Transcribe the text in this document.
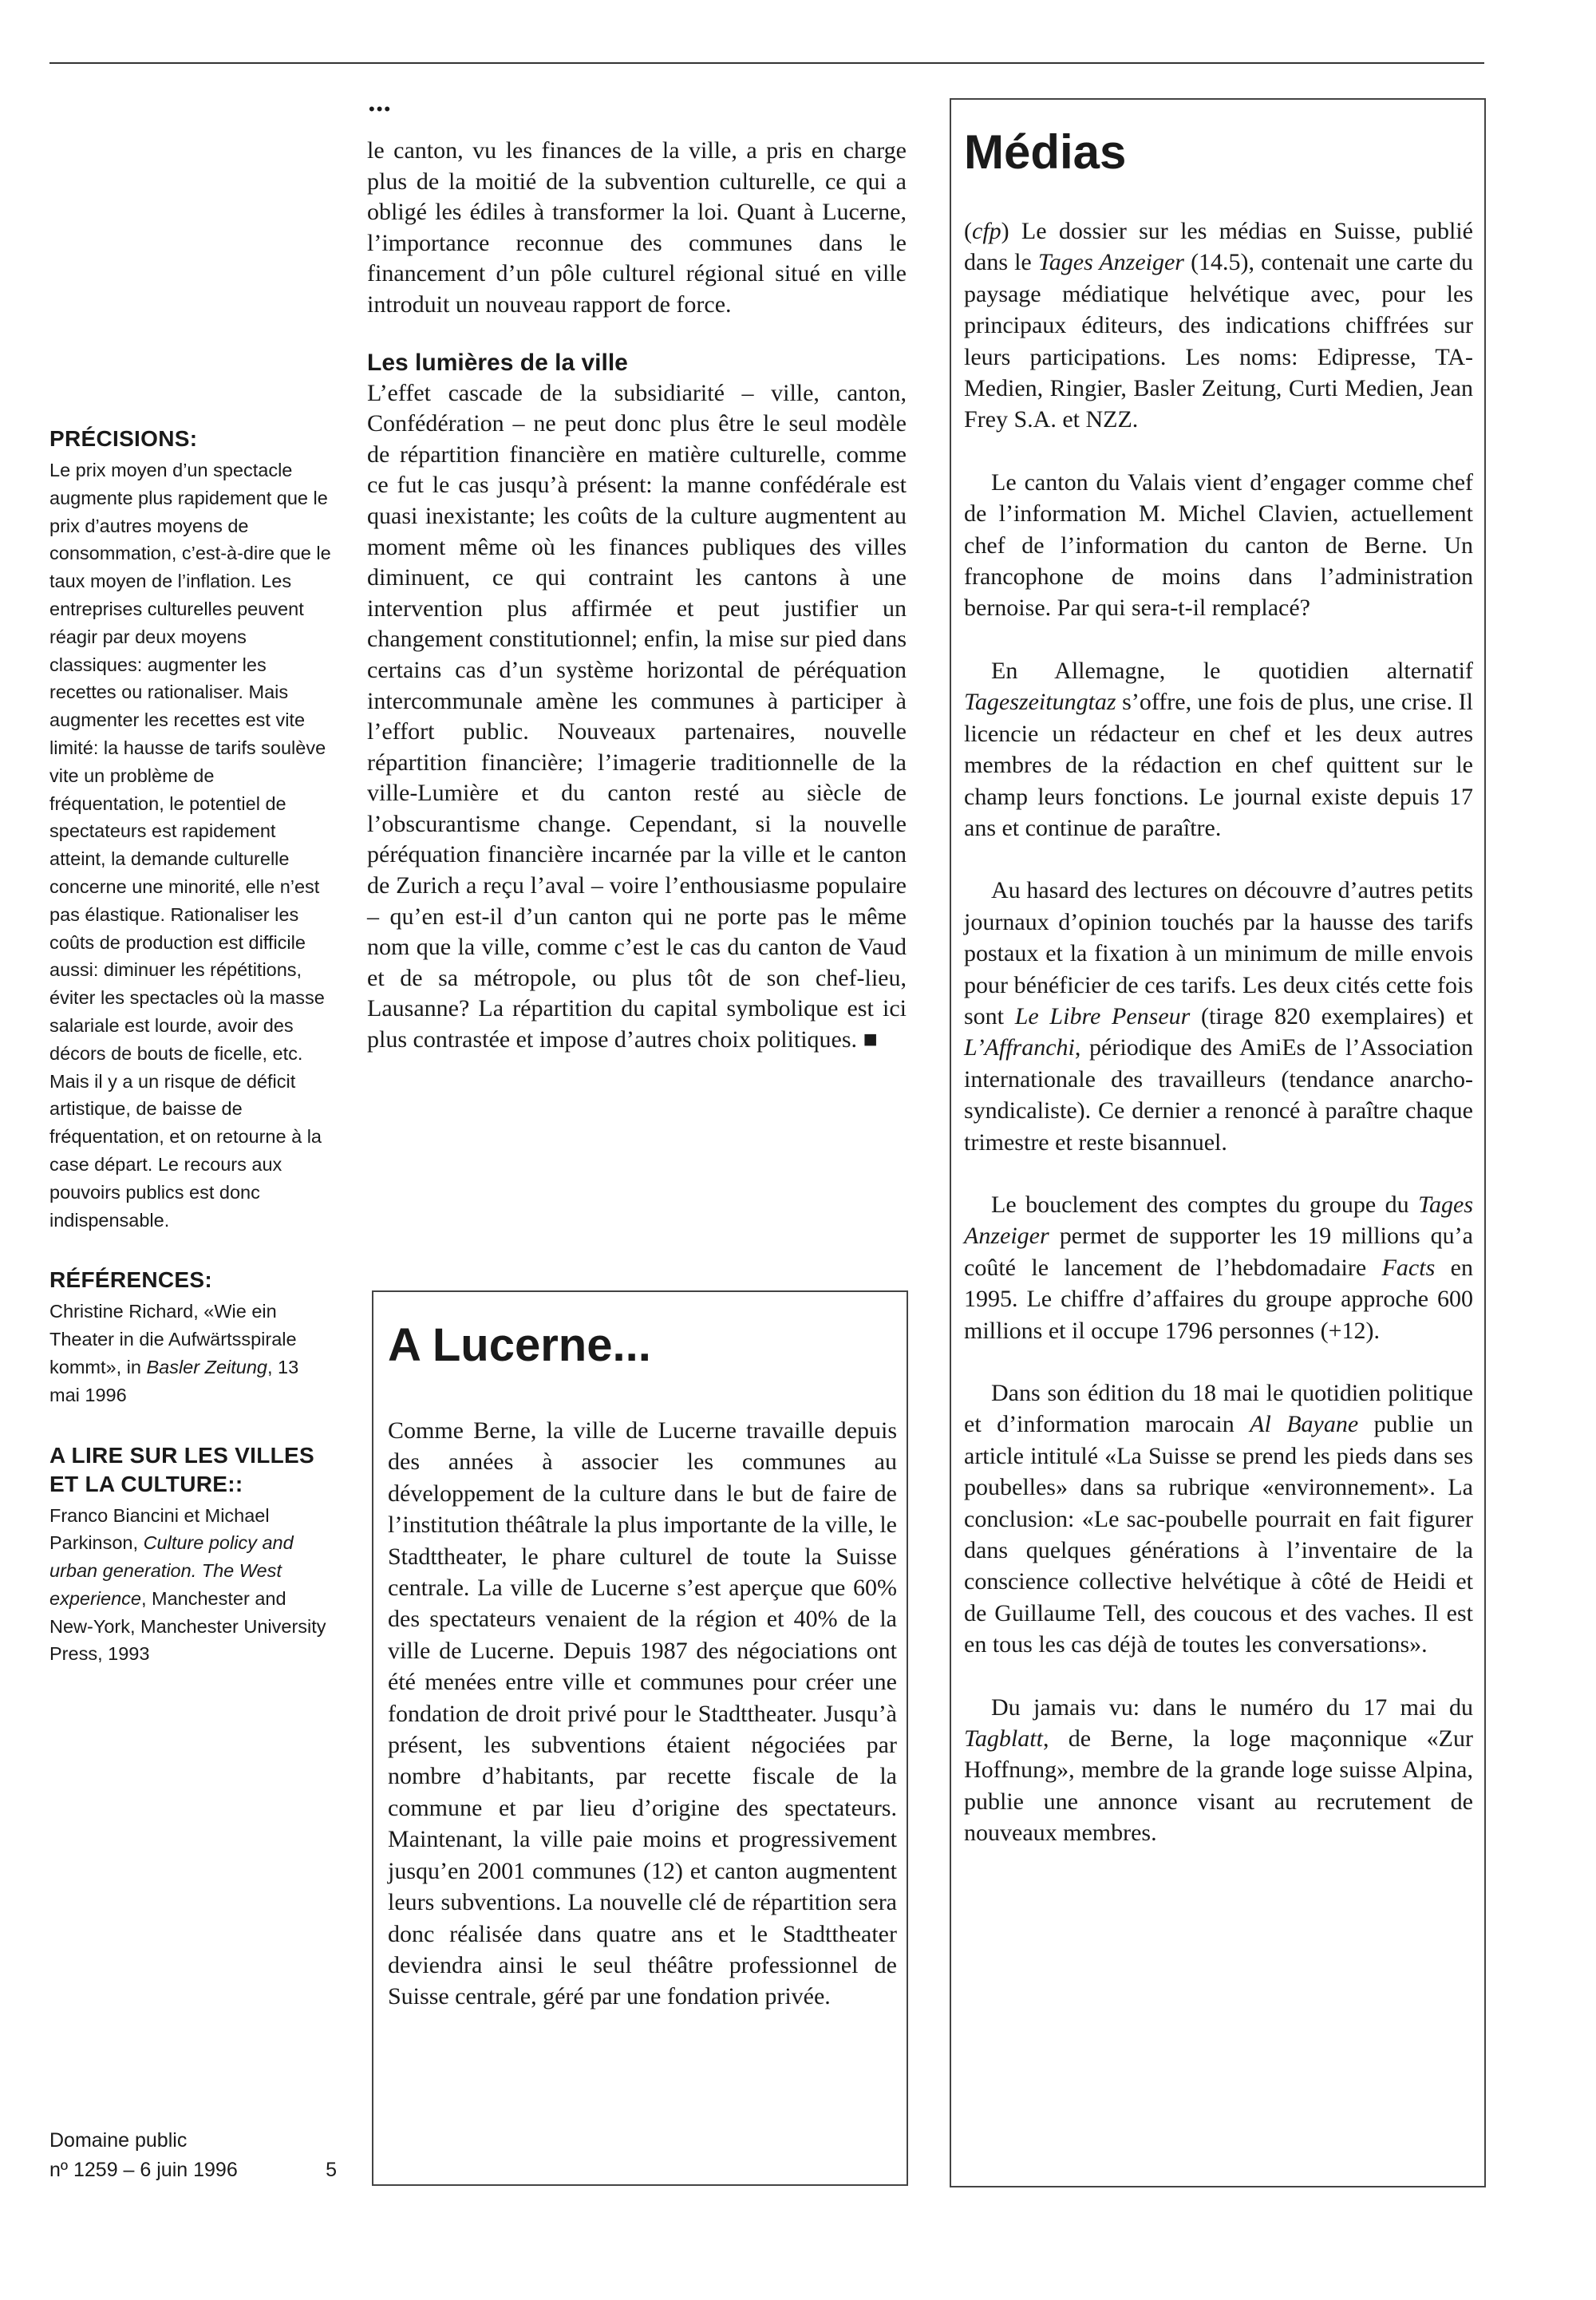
PRÉCISIONS:

Le prix moyen d’un spectacle augmente plus rapidement que le prix d’autres moyens de consommation, c’est-à-dire que le taux moyen de l’inflation. Les entreprises culturelles peuvent réagir par deux moyens classiques: augmenter les recettes ou rationaliser. Mais augmenter les recettes est vite limité: la hausse de tarifs soulève vite un problème de fréquentation, le potentiel de spectateurs est rapidement atteint, la demande culturelle concerne une minorité, elle n’est pas élastique. Rationaliser les coûts de production est difficile aussi: diminuer les répétitions, éviter les spectacles où la masse salariale est lourde, avoir des décors de bouts de ficelle, etc. Mais il y a un risque de déficit artistique, de baisse de fréquentation, et on retourne à la case départ. Le recours aux pouvoirs publics est donc indispensable.

RÉFÉRENCES:

Christine Richard, «Wie ein Theater in die Aufwärtsspirale kommt», in Basler Zeitung, 13 mai 1996

A LIRE SUR LES VILLES ET LA CULTURE::

Franco Biancini et Michael Parkinson, Culture policy and urban generation. The West experience, Manchester and New-York, Manchester University Press, 1993

Domaine public
nº 1259 – 6 juin 1996	5
•••

le canton, vu les finances de la ville, a pris en charge plus de la moitié de la subvention culturelle, ce qui a obligé les édiles à transformer la loi. Quant à Lucerne, l’importance reconnue des communes dans le financement d’un pôle culturel régional situé en ville introduit un nouveau rapport de force.

Les lumières de la ville

L’effet cascade de la subsidiarité – ville, canton, Confédération – ne peut donc plus être le seul modèle de répartition financière en matière culturelle, comme ce fut le cas jusqu’à présent: la manne confédérale est quasi inexistante; les coûts de la culture augmentent au moment même où les finances publiques des villes diminuent, ce qui contraint les cantons à une intervention plus affirmée et peut justifier un changement constitutionnel; enfin, la mise sur pied dans certains cas d’un système horizontal de péréquation intercommunale amène les communes à participer à l’effort public. Nouveaux partenaires, nouvelle répartition financière; l’imagerie traditionnelle de la ville-Lumière et du canton resté au siècle de l’obscurantisme change. Cependant, si la nouvelle péréquation financière incarnée par la ville et le canton de Zurich a reçu l’aval – voire l’enthousiasme populaire – qu’en est-il d’un canton qui ne porte pas le même nom que la ville, comme c’est le cas du canton de Vaud et de sa métropole, ou plus tôt de son chef-lieu, Lausanne? La répartition du capital symbolique est ici plus contrastée et impose d’autres choix politiques. ■

A Lucerne...

Comme Berne, la ville de Lucerne travaille depuis des années à associer les communes au développement de la culture dans le but de faire de l’institution théâtrale la plus importante de la ville, le Stadttheater, le phare culturel de toute la Suisse centrale. La ville de Lucerne s’est aperçue que 60% des spectateurs venaient de la région et 40% de la ville de Lucerne. Depuis 1987 des négociations ont été menées entre ville et communes pour créer une fondation de droit privé pour le Stadttheater. Jusqu’à présent, les subventions étaient négociées par nombre d’habitants, par recette fiscale de la commune et par lieu d’origine des spectateurs. Maintenant, la ville paie moins et progressivement jusqu’en 2001 communes (12) et canton augmentent leurs subventions. La nouvelle clé de répartition sera donc réalisée dans quatre ans et le Stadttheater deviendra ainsi le seul théâtre professionnel de Suisse centrale, géré par une fondation privée.

Médias

(cfp) Le dossier sur les médias en Suisse, publié dans le Tages Anzeiger (14.5), contenait une carte du paysage médiatique helvétique avec, pour les principaux éditeurs, des indications chiffrées sur leurs participations. Les noms: Edipresse, TA-Medien, Ringier, Basler Zeitung, Curti Medien, Jean Frey S.A. et NZZ.

Le canton du Valais vient d’engager comme chef de l’information M. Michel Clavien, actuellement chef de l’information du canton de Berne. Un francophone de moins dans l’administration bernoise. Par qui sera-t-il remplacé?

En Allemagne, le quotidien alternatif Tageszeitungtaz s’offre, une fois de plus, une crise. Il licencie un rédacteur en chef et les deux autres membres de la rédaction en chef quittent sur le champ leurs fonctions. Le journal existe depuis 17 ans et continue de paraître.

Au hasard des lectures on découvre d’autres petits journaux d’opinion touchés par la hausse des tarifs postaux et la fixation à un minimum de mille envois pour bénéficier de ces tarifs. Les deux cités cette fois sont Le Libre Penseur (tirage 820 exemplaires) et L’Affranchi, périodique des AmiEs de l’Association internationale des travailleurs (tendance anarcho-syndicaliste). Ce dernier a renoncé à paraître chaque trimestre et reste bisannuel.

Le bouclement des comptes du groupe du Tages Anzeiger permet de supporter les 19 millions qu’a coûté le lancement de l’hebdomadaire Facts en 1995. Le chiffre d’affaires du groupe approche 600 millions et il occupe 1796 personnes (+12).

Dans son édition du 18 mai le quotidien politique et d’information marocain Al Bayane publie un article intitulé «La Suisse se prend les pieds dans ses poubelles» dans sa rubrique «environnement». La conclusion: «Le sac-poubelle pourrait en fait figurer dans quelques générations à l’inventaire de la conscience collective helvétique à côté de Heidi et de Guillaume Tell, des coucous et des vaches. Il est en tous les cas déjà de toutes les conversations».

Du jamais vu: dans le numéro du 17 mai du Tagblatt, de Berne, la loge maçonnique «Zur Hoffnung», membre de la grande loge suisse Alpina, publie une annonce visant au recrutement de nouveaux membres.
